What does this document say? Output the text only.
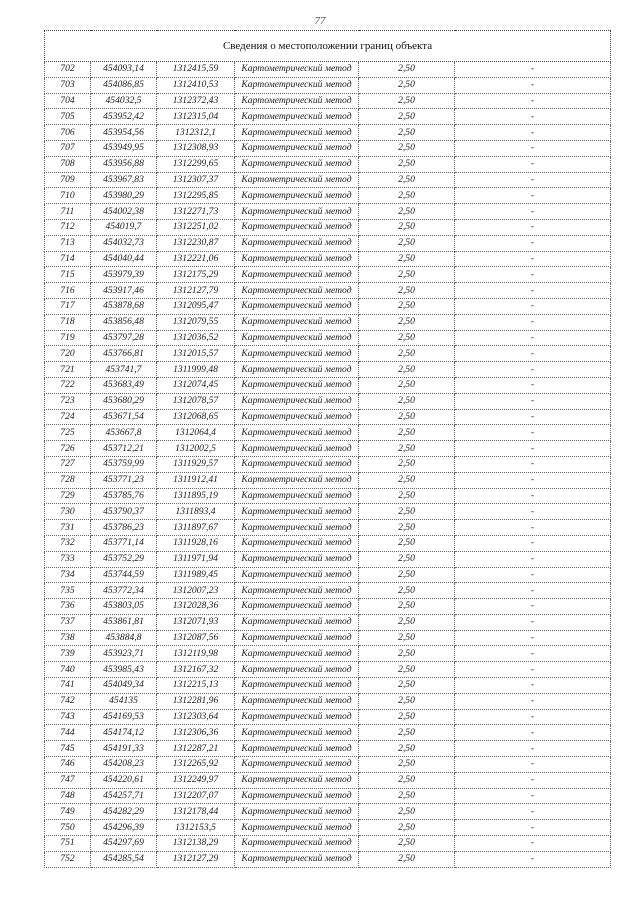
77
Сведения о местоположении границ объекта					
702	454093,14	1312415,59	Картометрический метод	2,50	-
703	454086,85	1312410,53	Картометрический метод	2,50	-
704	454032,5	1312372,43	Картометрический метод	2,50	-
705	453952,42	1312315,04	Картометрический метод	2,50	-
706	453954,56	1312312,1	Картометрический метод	2,50	-
707	453949,95	1312308,93	Картометрический метод	2,50	-
708	453956,88	1312299,65	Картометрический метод	2,50	-
709	453967,83	1312307,37	Картометрический метод	2,50	-
710	453980,29	1312295,85	Картометрический метод	2,50	-
711	454002,38	1312271,73	Картометрический метод	2,50	-
712	454019,7	1312251,02	Картометрический метод	2,50	-
713	454032,73	1312230,87	Картометрический метод	2,50	-
714	454040,44	1312221,06	Картометрический метод	2,50	-
715	453979,39	1312175,29	Картометрический метод	2,50	-
716	453917,46	1312127,79	Картометрический метод	2,50	-
717	453878,68	1312095,47	Картометрический метод	2,50	-
718	453856,48	1312079,55	Картометрический метод	2,50	-
719	453797,28	1312036,52	Картометрический метод	2,50	-
720	453766,81	1312015,57	Картометрический метод	2,50	-
721	453741,7	1311999,48	Картометрический метод	2,50	-
722	453683,49	1312074,45	Картометрический метод	2,50	-
723	453680,29	1312078,57	Картометрический метод	2,50	-
724	453671,54	1312068,65	Картометрический метод	2,50	-
725	453667,8	1312064,4	Картометрический метод	2,50	-
726	453712,21	1312002,5	Картометрический метод	2,50	-
727	453759,99	1311929,57	Картометрический метод	2,50	-
728	453771,23	1311912,41	Картометрический метод	2,50	-
729	453785,76	1311895,19	Картометрический метод	2,50	-
730	453790,37	1311893,4	Картометрический метод	2,50	-
731	453786,23	1311897,67	Картометрический метод	2,50	-
732	453771,14	1311928,16	Картометрический метод	2,50	-
733	453752,29	1311971,94	Картометрический метод	2,50	-
734	453744,59	1311989,45	Картометрический метод	2,50	-
735	453772,34	1312007,23	Картометрический метод	2,50	-
736	453803,05	1312028,36	Картометрический метод	2,50	-
737	453861,81	1312071,93	Картометрический метод	2,50	-
738	453884,8	1312087,56	Картометрический метод	2,50	-
739	453923,71	1312119,98	Картометрический метод	2,50	-
740	453985,43	1312167,32	Картометрический метод	2,50	-
741	454049,34	1312215,13	Картометрический метод	2,50	-
742	454135	1312281,96	Картометрический метод	2,50	-
743	454169,53	1312303,64	Картометрический метод	2,50	-
744	454174,12	1312306,36	Картометрический метод	2,50	-
745	454191,33	1312287,21	Картометрический метод	2,50	-
746	454208,23	1312265,92	Картометрический метод	2,50	-
747	454220,61	1312249,97	Картометрический метод	2,50	-
748	454257,71	1312207,07	Картометрический метод	2,50	-
749	454282,29	1312178,44	Картометрический метод	2,50	-
750	454296,39	1312153,5	Картометрический метод	2,50	-
751	454297,69	1312138,29	Картометрический метод	2,50	-
752	454285,54	1312127,29	Картометрический метод	2,50	-
